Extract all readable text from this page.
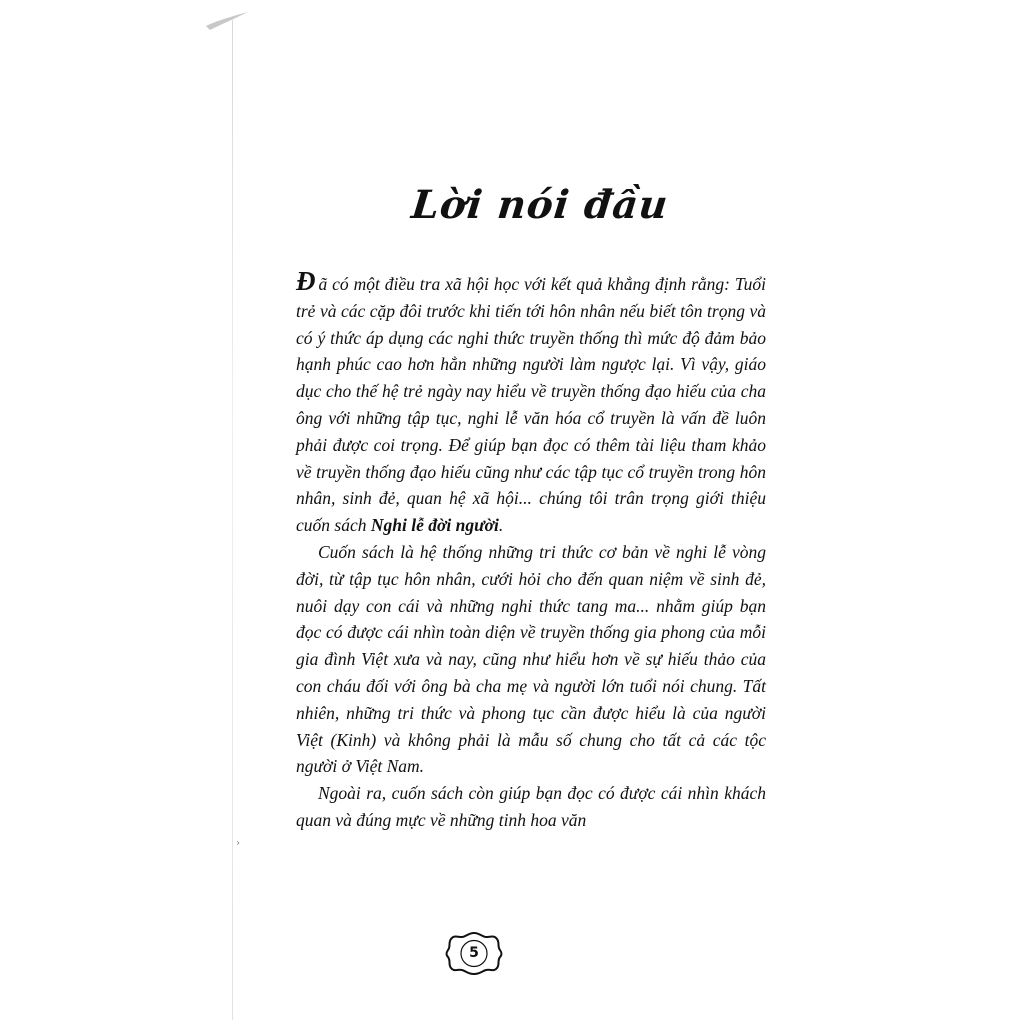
Lời nói đầu

Đã có một điều tra xã hội học với kết quả khẳng định rằng: Tuổi trẻ và các cặp đôi trước khi tiến tới hôn nhân nếu biết tôn trọng và có ý thức áp dụng các nghi thức truyền thống thì mức độ đảm bảo hạnh phúc cao hơn hẳn những người làm ngược lại. Vì vậy, giáo dục cho thế hệ trẻ ngày nay hiểu về truyền thống đạo hiếu của cha ông với những tập tục, nghi lễ văn hóa cổ truyền là vấn đề luôn phải được coi trọng. Để giúp bạn đọc có thêm tài liệu tham khảo về truyền thống đạo hiếu cũng như các tập tục cổ truyền trong hôn nhân, sinh đẻ, quan hệ xã hội... chúng tôi trân trọng giới thiệu cuốn sách Nghi lễ đời người.

Cuốn sách là hệ thống những tri thức cơ bản về nghi lễ vòng đời, từ tập tục hôn nhân, cưới hỏi cho đến quan niệm về sinh đẻ, nuôi dạy con cái và những nghi thức tang ma... nhằm giúp bạn đọc có được cái nhìn toàn diện về truyền thống gia phong của mỗi gia đình Việt xưa và nay, cũng như hiểu hơn về sự hiếu thảo của con cháu đối với ông bà cha mẹ và người lớn tuổi nói chung. Tất nhiên, những tri thức và phong tục cần được hiểu là của người Việt (Kinh) và không phải là mẫu số chung cho tất cả các tộc người ở Việt Nam.

Ngoài ra, cuốn sách còn giúp bạn đọc có được cái nhìn khách quan và đúng mực về những tinh hoa văn

›
5
